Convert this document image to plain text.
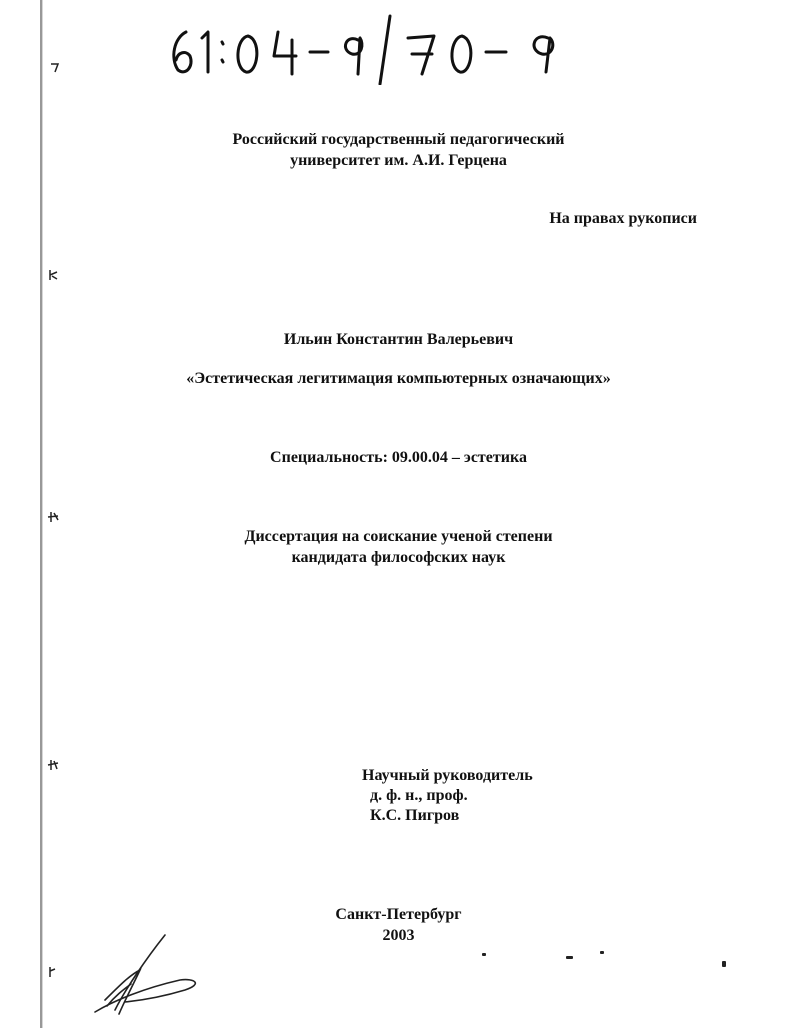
Российский государственный педагогический
университет им. А.И. Герцена
На правах рукописи
Ильин Константин Валерьевич
«Эстетическая легитимация компьютерных означающих»
Специальность: 09.00.04 – эстетика
Диссертация на соискание ученой степени
кандидата философских наук
Научный руководитель
д. ф. н., проф.
К.С. Пигров
Санкт-Петербург
2003
